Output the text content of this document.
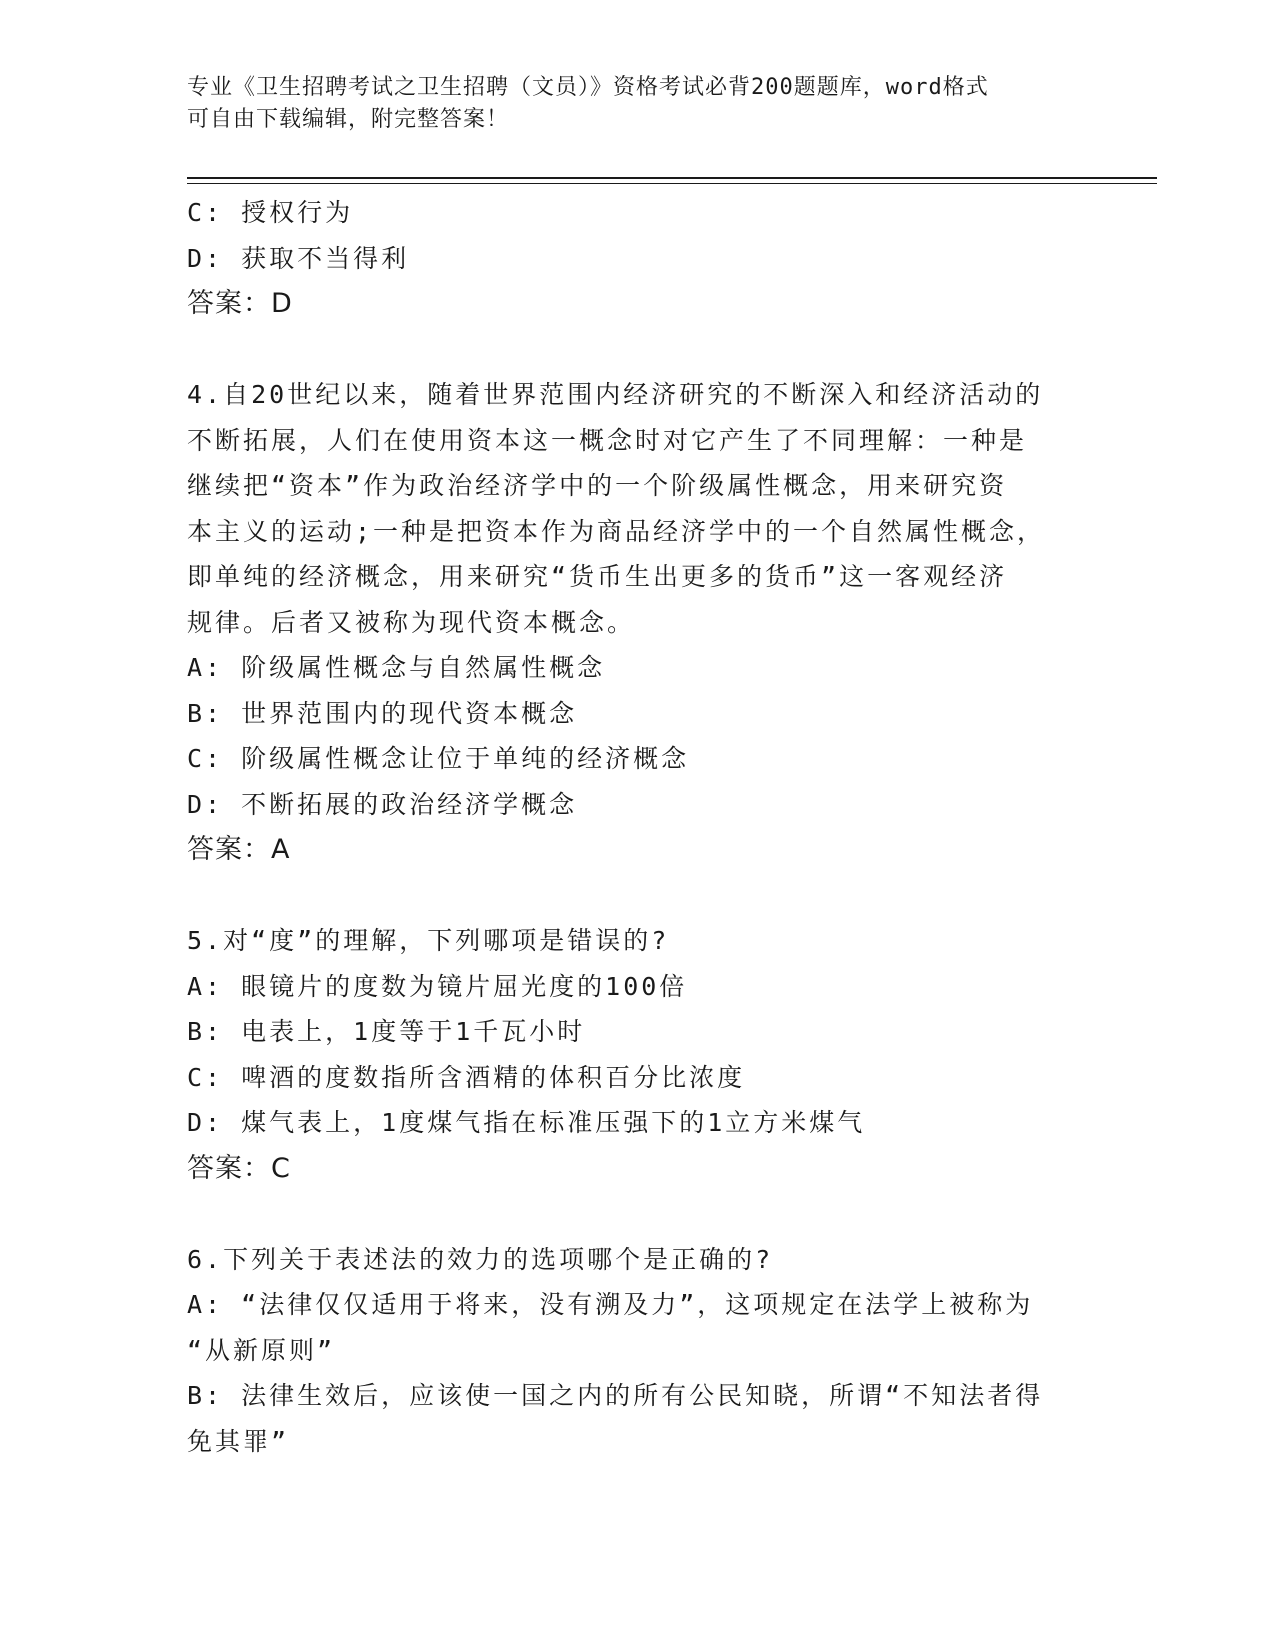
专业《卫生招聘考试之卫生招聘（文员）》资格考试必背200题题库，word格式
可自由下载编辑，附完整答案！

C: 授权行为

D: 获取不当得利

答案：D

4.自20世纪以来，随着世界范围内经济研究的不断深入和经济活动的

不断拓展，人们在使用资本这一概念时对它产生了不同理解：一种是

继续把“资本”作为政治经济学中的一个阶级属性概念，用来研究资

本主义的运动;一种是把资本作为商品经济学中的一个自然属性概念，

即单纯的经济概念，用来研究“货币生出更多的货币”这一客观经济

规律。后者又被称为现代资本概念。

A: 阶级属性概念与自然属性概念

B: 世界范围内的现代资本概念

C: 阶级属性概念让位于单纯的经济概念

D: 不断拓展的政治经济学概念

答案：A

5.对“度”的理解，下列哪项是错误的?

A: 眼镜片的度数为镜片屈光度的100倍

B: 电表上，1度等于1千瓦小时

C: 啤酒的度数指所含酒精的体积百分比浓度

D: 煤气表上，1度煤气指在标准压强下的1立方米煤气

答案：C

6.下列关于表述法的效力的选项哪个是正确的?

A: “法律仅仅适用于将来，没有溯及力”，这项规定在法学上被称为

“从新原则”

B: 法律生效后，应该使一国之内的所有公民知晓，所谓“不知法者得

免其罪”
